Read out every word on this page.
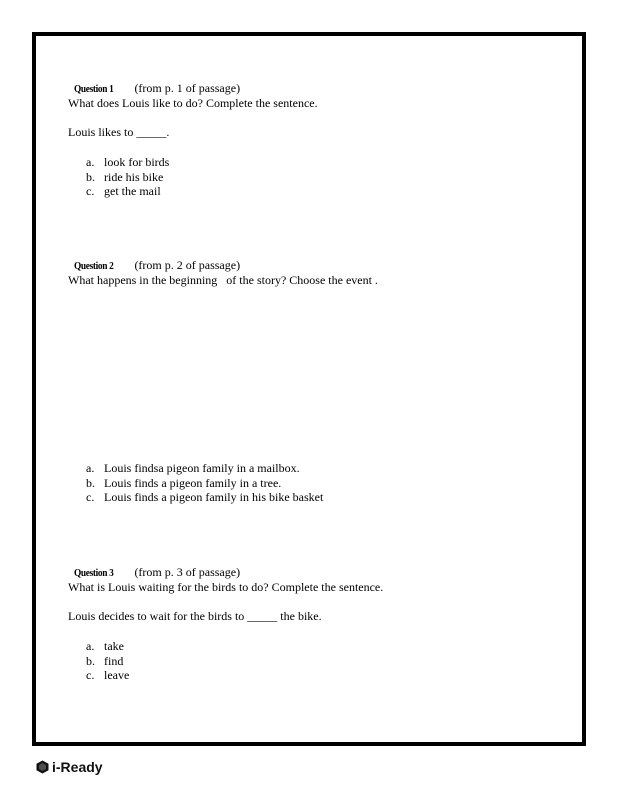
Question 1 (from p. 1 of passage)

What does Louis like to do? Complete the sentence.
Louis likes to _____.
a. look for birds
b. ride his bike
c. get the mail

Question 2 (from p. 2 of passage)

What happens in the beginning   of the story? Choose the event .
a. Louis findsa pigeon family in a mailbox.
b. Louis finds a pigeon family in a tree.
c. Louis finds a pigeon family in his bike basket

Question 3 (from p. 3 of passage)

What is Louis waiting for the birds to do? Complete the sentence.
Louis decides to wait for the birds to _____ the bike.
a. take
b. find
c. leave
i-Ready
